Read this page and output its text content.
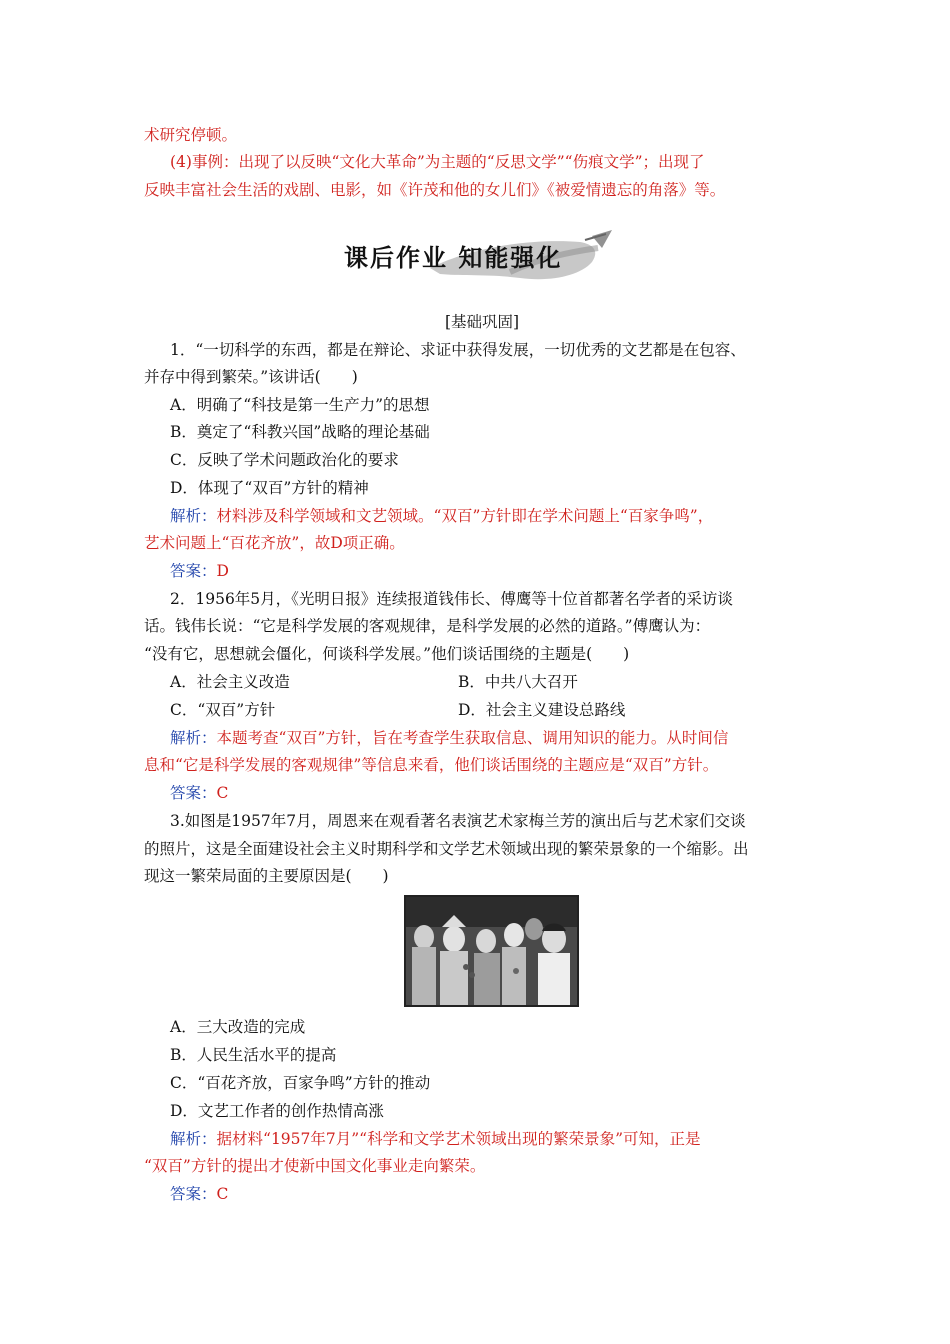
术研究停顿。
(4)事例：出现了以反映“文化大革命”为主题的“反思文学”“伤痕文学”；出现了
反映丰富社会生活的戏剧、电影，如《许茂和他的女儿们》《被爱情遗忘的角落》等。
课后作业 知能强化
[基础巩固]
1．“一切科学的东西，都是在辩论、求证中获得发展，一切优秀的文艺都是在包容、
并存中得到繁荣。”该讲话(　　)
A．明确了“科技是第一生产力”的思想
B．奠定了“科教兴国”战略的理论基础
C．反映了学术问题政治化的要求
D．体现了“双百”方针的精神
解析：材料涉及科学领域和文艺领域。“双百”方针即在学术问题上“百家争鸣”，
艺术问题上“百花齐放”，故D项正确。
答案：D
2．1956年5月，《光明日报》连续报道钱伟长、傅鹰等十位首都著名学者的采访谈
话。钱伟长说：“它是科学发展的客观规律，是科学发展的必然的道路。”傅鹰认为：
“没有它，思想就会僵化，何谈科学发展。”他们谈话围绕的主题是(　　)
A．社会主义改造	B．中共八大召开
C．“双百”方针	D．社会主义建设总路线
解析：本题考查“双百”方针，旨在考查学生获取信息、调用知识的能力。从时间信
息和“它是科学发展的客观规律”等信息来看，他们谈话围绕的主题应是“双百”方针。
答案：C
3.如图是1957年7月，周恩来在观看著名表演艺术家梅兰芳的演出后与艺术家们交谈
的照片，这是全面建设社会主义时期科学和文学艺术领域出现的繁荣景象的一个缩影。出
现这一繁荣局面的主要原因是(　　)
A．三大改造的完成
B．人民生活水平的提高
C．“百花齐放，百家争鸣”方针的推动
D．文艺工作者的创作热情高涨
解析：据材料“1957年7月”“科学和文学艺术领域出现的繁荣景象”可知，正是
“双百”方针的提出才使新中国文化事业走向繁荣。
答案：C
